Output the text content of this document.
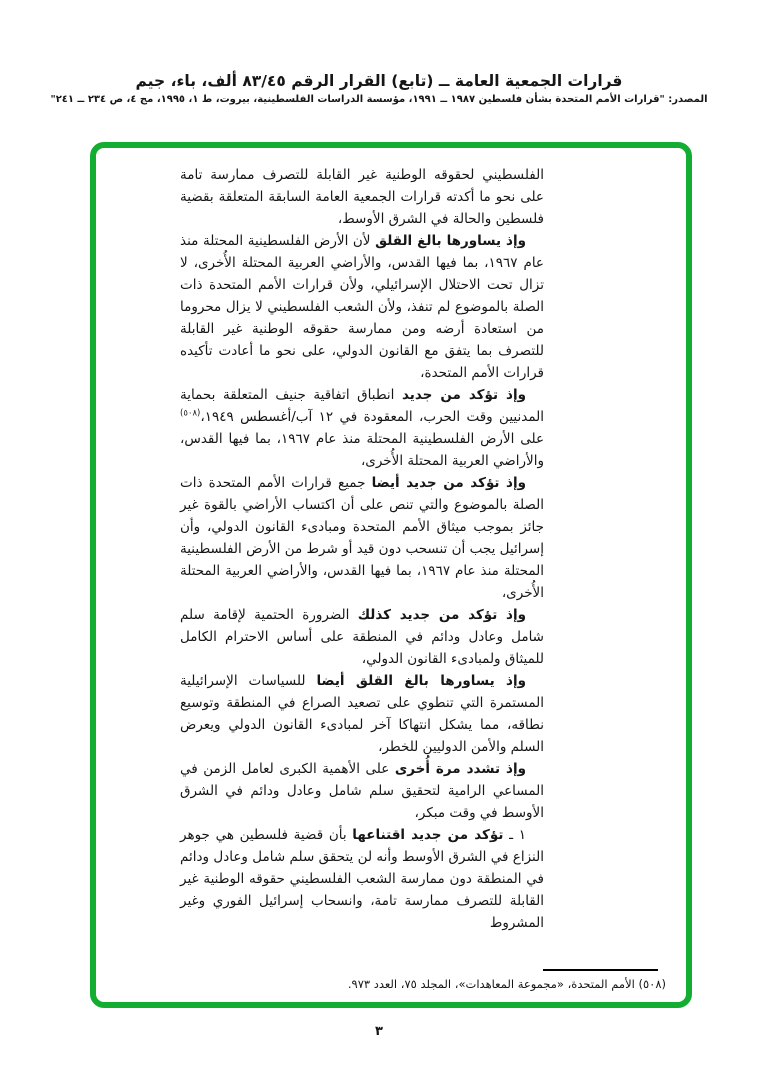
قرارات الجمعية العامة ــ (تابع) القرار الرقم ٨٣/٤٥ ألف، باء، جيم
المصدر: "قرارات الأمم المتحدة بشأن فلسطين ١٩٨٧ ــ ١٩٩١، مؤسسة الدراسات الفلسطينية، بيروت، ط ١، ١٩٩٥، مج ٤، ص ٢٣٤ ــ ٢٤١"

الفلسطيني لحقوقه الوطنية غير القابلة للتصرف ممارسة تامة على نحو ما أكدته قرارات الجمعية العامة السابقة المتعلقة بقضية فلسطين والحالة في الشرق الأوسط،

وإذ يساورها بالغ القلق لأن الأرض الفلسطينية المحتلة منذ عام ١٩٦٧، بما فيها القدس، والأراضي العربية المحتلة الأُخرى، لا تزال تحت الاحتلال الإسرائيلي، ولأن قرارات الأمم المتحدة ذات الصلة بالموضوع لم تنفذ، ولأن الشعب الفلسطيني لا يزال محروما من استعادة أرضه ومن ممارسة حقوقه الوطنية غير القابلة للتصرف بما يتفق مع القانون الدولي، على نحو ما أعادت تأكيده قرارات الأمم المتحدة،

وإذ تؤكد من جديد انطباق اتفاقية جنيف المتعلقة بحماية المدنيين وقت الحرب، المعقودة في ١٢ آب/أغسطس ١٩٤٩،$^{(٥٠٨)}$ على الأرض الفلسطينية المحتلة منذ عام ١٩٦٧، بما فيها القدس، والأراضي العربية المحتلة الأُخرى،

وإذ تؤكد من جديد أيضا جميع قرارات الأمم المتحدة ذات الصلة بالموضوع والتي تنص على أن اكتساب الأراضي بالقوة غير جائز بموجب ميثاق الأمم المتحدة ومبادىء القانون الدولي، وأن إسرائيل يجب أن تنسحب دون قيد أو شرط من الأرض الفلسطينية المحتلة منذ عام ١٩٦٧، بما فيها القدس، والأراضي العربية المحتلة الأُخرى،

وإذ تؤكد من جديد كذلك الضرورة الحتمية لإقامة سلم شامل وعادل ودائم في المنطقة على أساس الاحترام الكامل للميثاق ولمبادىء القانون الدولي،

وإذ يساورها بالغ القلق أيضا للسياسات الإسرائيلية المستمرة التي تنطوي على تصعيد الصراع في المنطقة وتوسيع نطاقه، مما يشكل انتهاكا آخر لمبادىء القانون الدولي ويعرض السلم والأمن الدوليين للخطر،

وإذ تشدد مرة أُخرى على الأهمية الكبرى لعامل الزمن في المساعي الرامية لتحقيق سلم شامل وعادل ودائم في الشرق الأوسط في وقت مبكر،

١ ـ تؤكد من جديد اقتناعها بأن قضية فلسطين هي جوهر النزاع في الشرق الأوسط وأنه لن يتحقق سلم شامل وعادل ودائم في المنطقة دون ممارسة الشعب الفلسطيني حقوقه الوطنية غير القابلة للتصرف ممارسة تامة، وانسحاب إسرائيل الفوري وغير المشروط

(٥٠٨) الأمم المتحدة، «مجموعة المعاهدات»، المجلد ٧٥، العدد ٩٧٣.
٣
